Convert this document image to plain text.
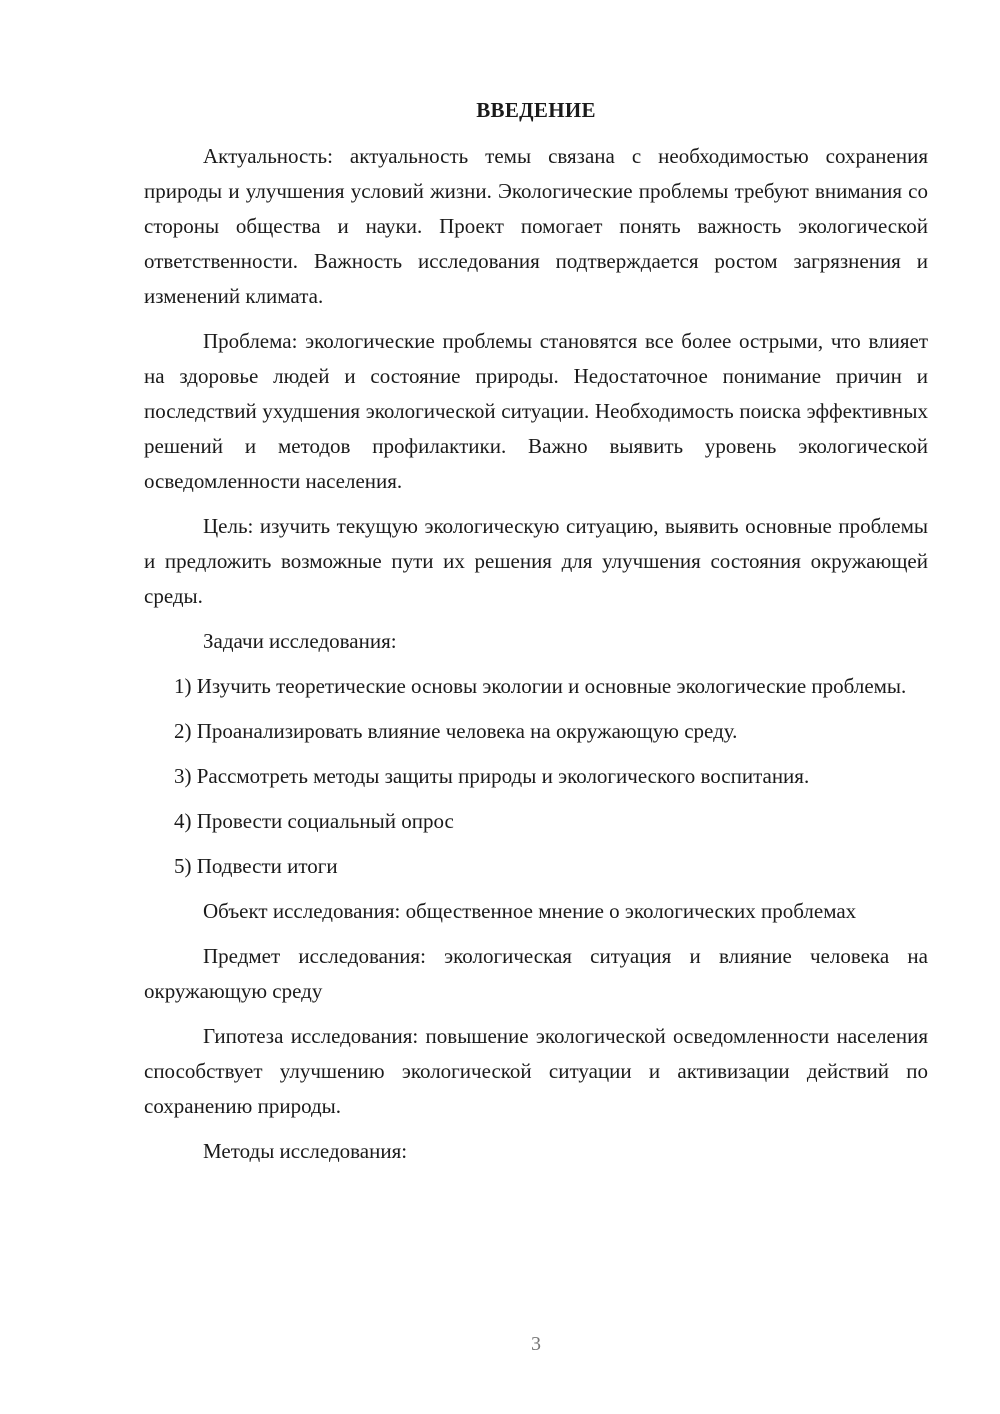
ВВЕДЕНИЕ

Актуальность: актуальность темы связана с необходимостью сохранения природы и улучшения условий жизни. Экологические проблемы требуют внимания со стороны общества и науки. Проект помогает понять важность экологической ответственности. Важность исследования подтверждается ростом загрязнения и изменений климата.

Проблема: экологические проблемы становятся все более острыми, что влияет на здоровье людей и состояние природы. Недостаточное понимание причин и последствий ухудшения экологической ситуации. Необходимость поиска эффективных решений и методов профилактики. Важно выявить уровень экологической осведомленности населения.

Цель: изучить текущую экологическую ситуацию, выявить основные проблемы и предложить возможные пути их решения для улучшения состояния окружающей среды.

Задачи исследования:

1) Изучить теоретические основы экологии и основные экологические проблемы.

2) Проанализировать влияние человека на окружающую среду.

3) Рассмотреть методы защиты природы и экологического воспитания.

4) Провести социальный опрос

5) Подвести итоги

Объект исследования: общественное мнение о экологических проблемах

Предмет исследования: экологическая ситуация и влияние человека на окружающую среду

Гипотеза исследования: повышение экологической осведомленности населения способствует улучшению экологической ситуации и активизации действий по сохранению природы.

Методы исследования:

3
